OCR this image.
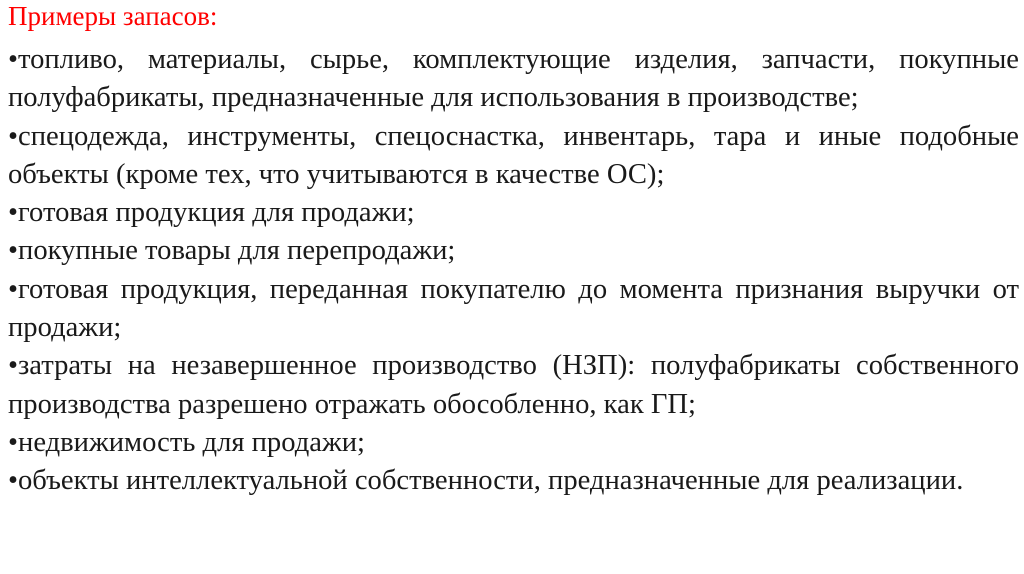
Примеры запасов:

•топливо, материалы, сырье, комплектующие изделия, запчасти, покупные полуфабрикаты, предназначенные для использования в производстве;

•спецодежда, инструменты, спецоснастка, инвентарь, тара и иные подобные объекты (кроме тех, что учитываются в качестве ОС);

•готовая продукция для продажи;

•покупные товары для перепродажи;

•готовая продукция, переданная покупателю до момента признания выручки от продажи;

•затраты на незавершенное производство (НЗП): полуфабрикаты собственного производства разрешено отражать обособленно, как ГП;

•недвижимость для продажи;

•объекты интеллектуальной собственности, предназначенные для реализации.
